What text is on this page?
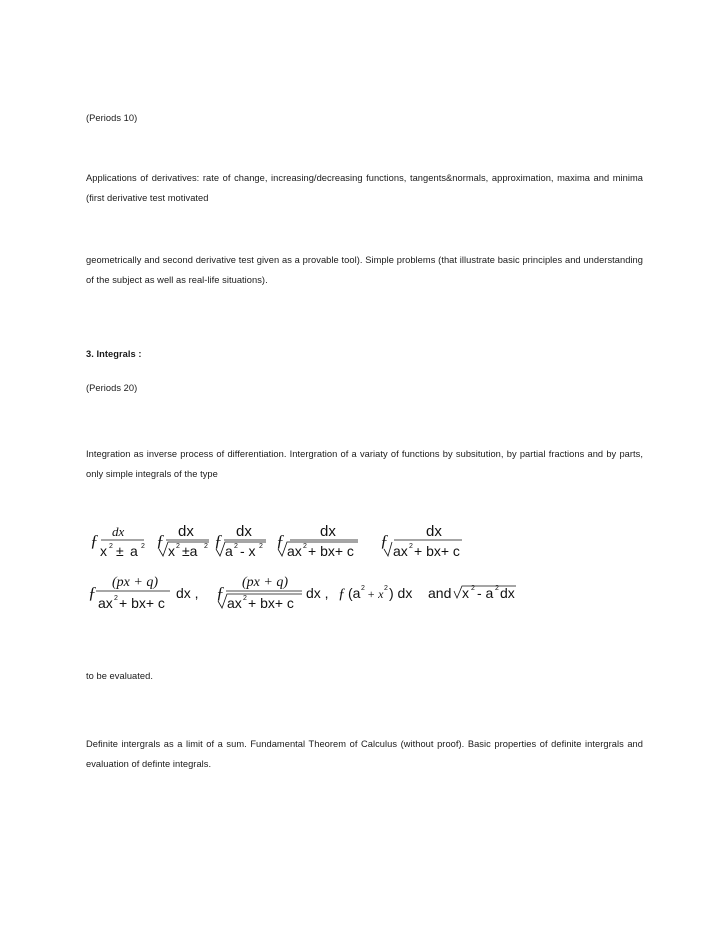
(Periods 10)

Applications of derivatives: rate of change, increasing/decreasing functions, tangents&normals, approximation, maxima and minima (first derivative test motivated

geometrically and second derivative test given as a provable tool). Simple problems (that illustrate basic principles and understanding of the subject as well as real-life situations).

3. Integrals :

(Periods 20)

Integration as inverse process of differentiation. Intergration of a variaty of functions by subsitution, by partial fractions and by parts, only simple integrals of the type

ƒ dx
x 2 ± a 2 ƒ dx
x 2 ±a 2 ƒ dx
a 2 - x 2 ƒ dx
ax 2 + bx+ c
ƒ	dx
ax 2 + bx+ c
ƒ
(px + q)
ax 2 + bx+ c
dx , ƒ
(px + q)
ax 2 + bx+ c
dx , ƒ (a 2 + x 2 ) dx and x 2 - a 2 dx

to be evaluated.

Definite intergrals as a limit of a sum. Fundamental Theorem of Calculus (without proof). Basic properties of definite intergrals and evaluation of definte integrals.
